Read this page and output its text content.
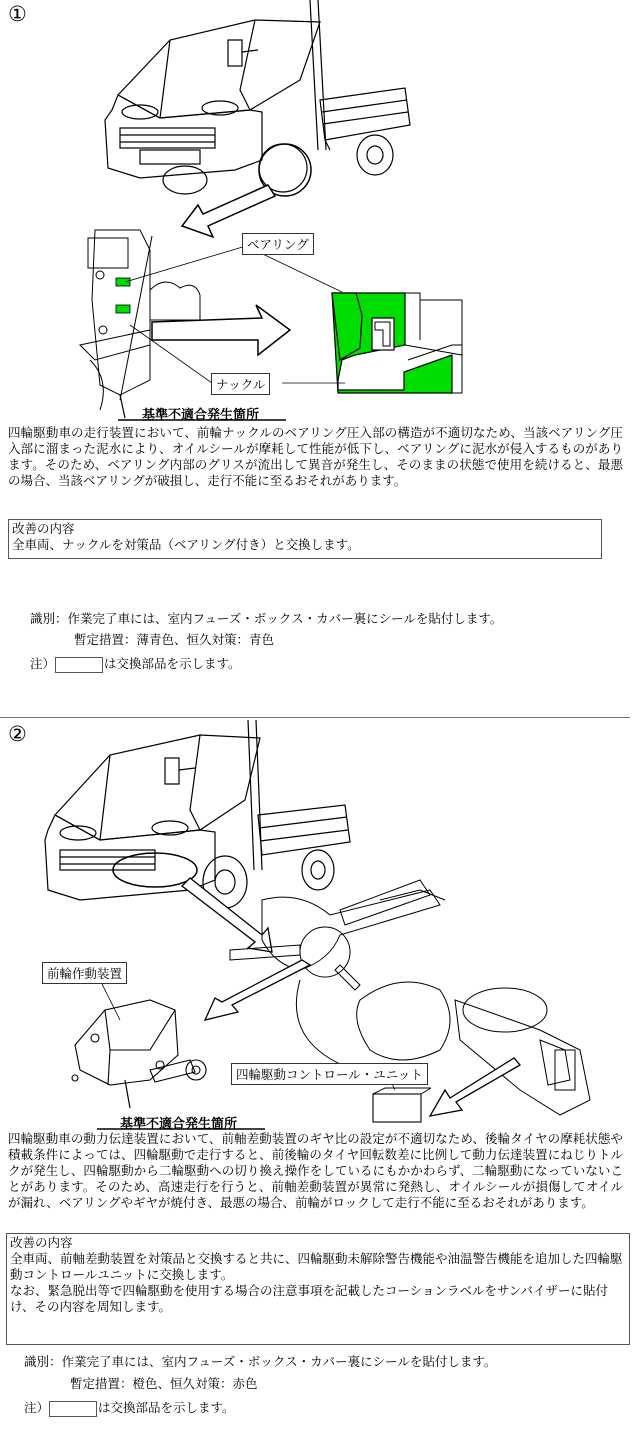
①
ベアリング
ナックル
基準不適合発生箇所
四輪駆動車の走行装置において、前輪ナックルのベアリング圧入部の構造が不適切なため、当該ベアリング圧入部に溜まった泥水により、オイルシールが摩耗して性能が低下し、ベアリングに泥水が侵入するものがあります。そのため、ベアリング内部のグリスが流出して異音が発生し、そのままの状態で使用を続けると、最悪の場合、当該ベアリングが破損し、走行不能に至るおそれがあります。
改善の内容
全車両、ナックルを対策品（ベアリング付き）と交換します。
識別：作業完了車には、室内フューズ・ボックス・カバー裏にシールを貼付します。
暫定措置：薄青色、恒久対策：青色
注）	は交換部品を示します。
②
前輪作動装置
四輪駆動コントロール・ユニット
基準不適合発生箇所
四輪駆動車の動力伝達装置において、前軸差動装置のギヤ比の設定が不適切なため、後輪タイヤの摩耗状態や積載条件によっては、四輪駆動で走行すると、前後輪のタイヤ回転数差に比例して動力伝達装置にねじりトルクが発生し、四輪駆動から二輪駆動への切り換え操作をしているにもかかわらず、二輪駆動になっていないことがあります。そのため、高速走行を行うと、前軸差動装置が異常に発熱し、オイルシールが損傷してオイルが漏れ、ベアリングやギヤが焼付き、最悪の場合、前輪がロックして走行不能に至るおそれがあります。
改善の内容
全車両、前軸差動装置を対策品と交換すると共に、四輪駆動未解除警告機能や油温警告機能を追加した四輪駆動コントロールユニットに交換します。
なお、緊急脱出等で四輪駆動を使用する場合の注意事項を記載したコーションラベルをサンバイザーに貼付け、その内容を周知します。
識別：作業完了車には、室内フューズ・ボックス・カバー裏にシールを貼付します。
暫定措置：橙色、恒久対策：赤色
注）	は交換部品を示します。
